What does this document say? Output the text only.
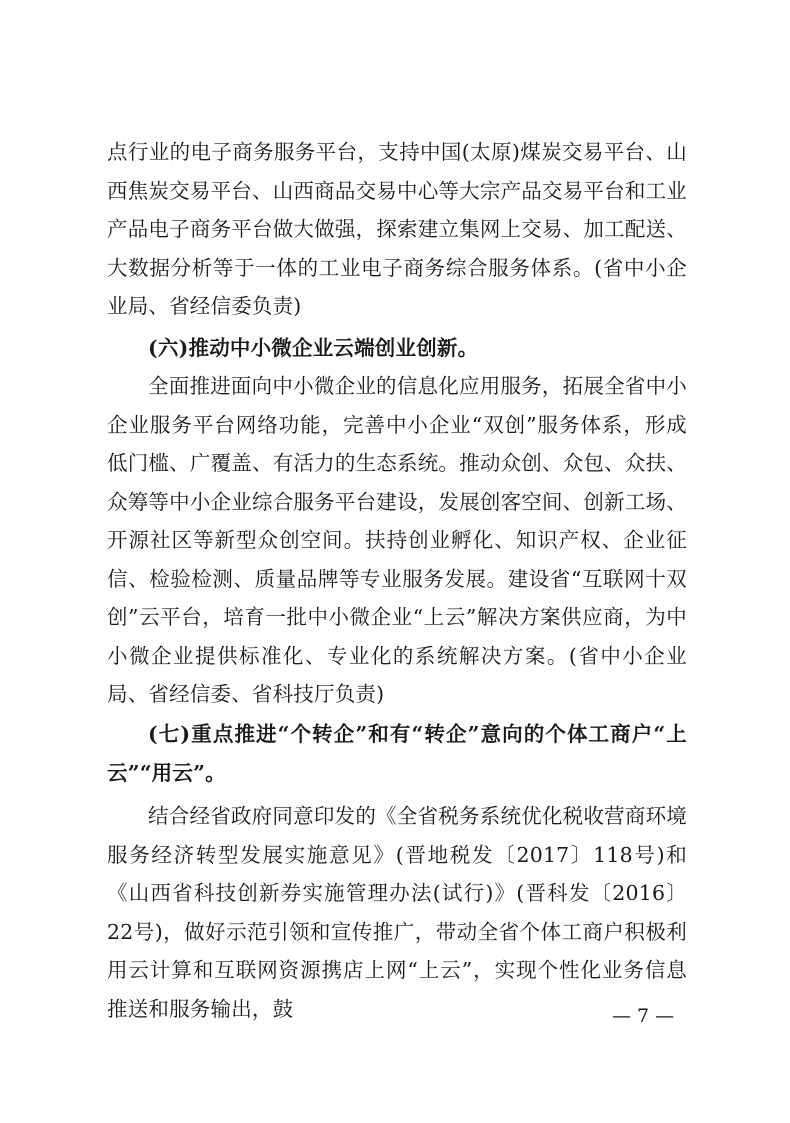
点行业的电子商务服务平台，支持中国(太原)煤炭交易平台、山西焦炭交易平台、山西商品交易中心等大宗产品交易平台和工业产品电子商务平台做大做强，探索建立集网上交易、加工配送、大数据分析等于一体的工业电子商务综合服务体系。(省中小企业局、省经信委负责)

(六)推动中小微企业云端创业创新。

全面推进面向中小微企业的信息化应用服务，拓展全省中小企业服务平台网络功能，完善中小企业“双创”服务体系，形成低门槛、广覆盖、有活力的生态系统。推动众创、众包、众扶、众筹等中小企业综合服务平台建设，发展创客空间、创新工场、开源社区等新型众创空间。扶持创业孵化、知识产权、企业征信、检验检测、质量品牌等专业服务发展。建设省“互联网十双创”云平台，培育一批中小微企业“上云”解决方案供应商，为中小微企业提供标准化、专业化的系统解决方案。(省中小企业局、省经信委、省科技厅负责)

(七)重点推进“个转企”和有“转企”意向的个体工商户“上云”“用云”。

结合经省政府同意印发的《全省税务系统优化税收营商环境服务经济转型发展实施意见》(晋地税发〔2017〕118号)和《山西省科技创新券实施管理办法(试行)》(晋科发〔2016〕22号)，做好示范引领和宣传推广，带动全省个体工商户积极利用云计算和互联网资源携店上网“上云”，实现个性化业务信息推送和服务输出，鼓	— 7 —
